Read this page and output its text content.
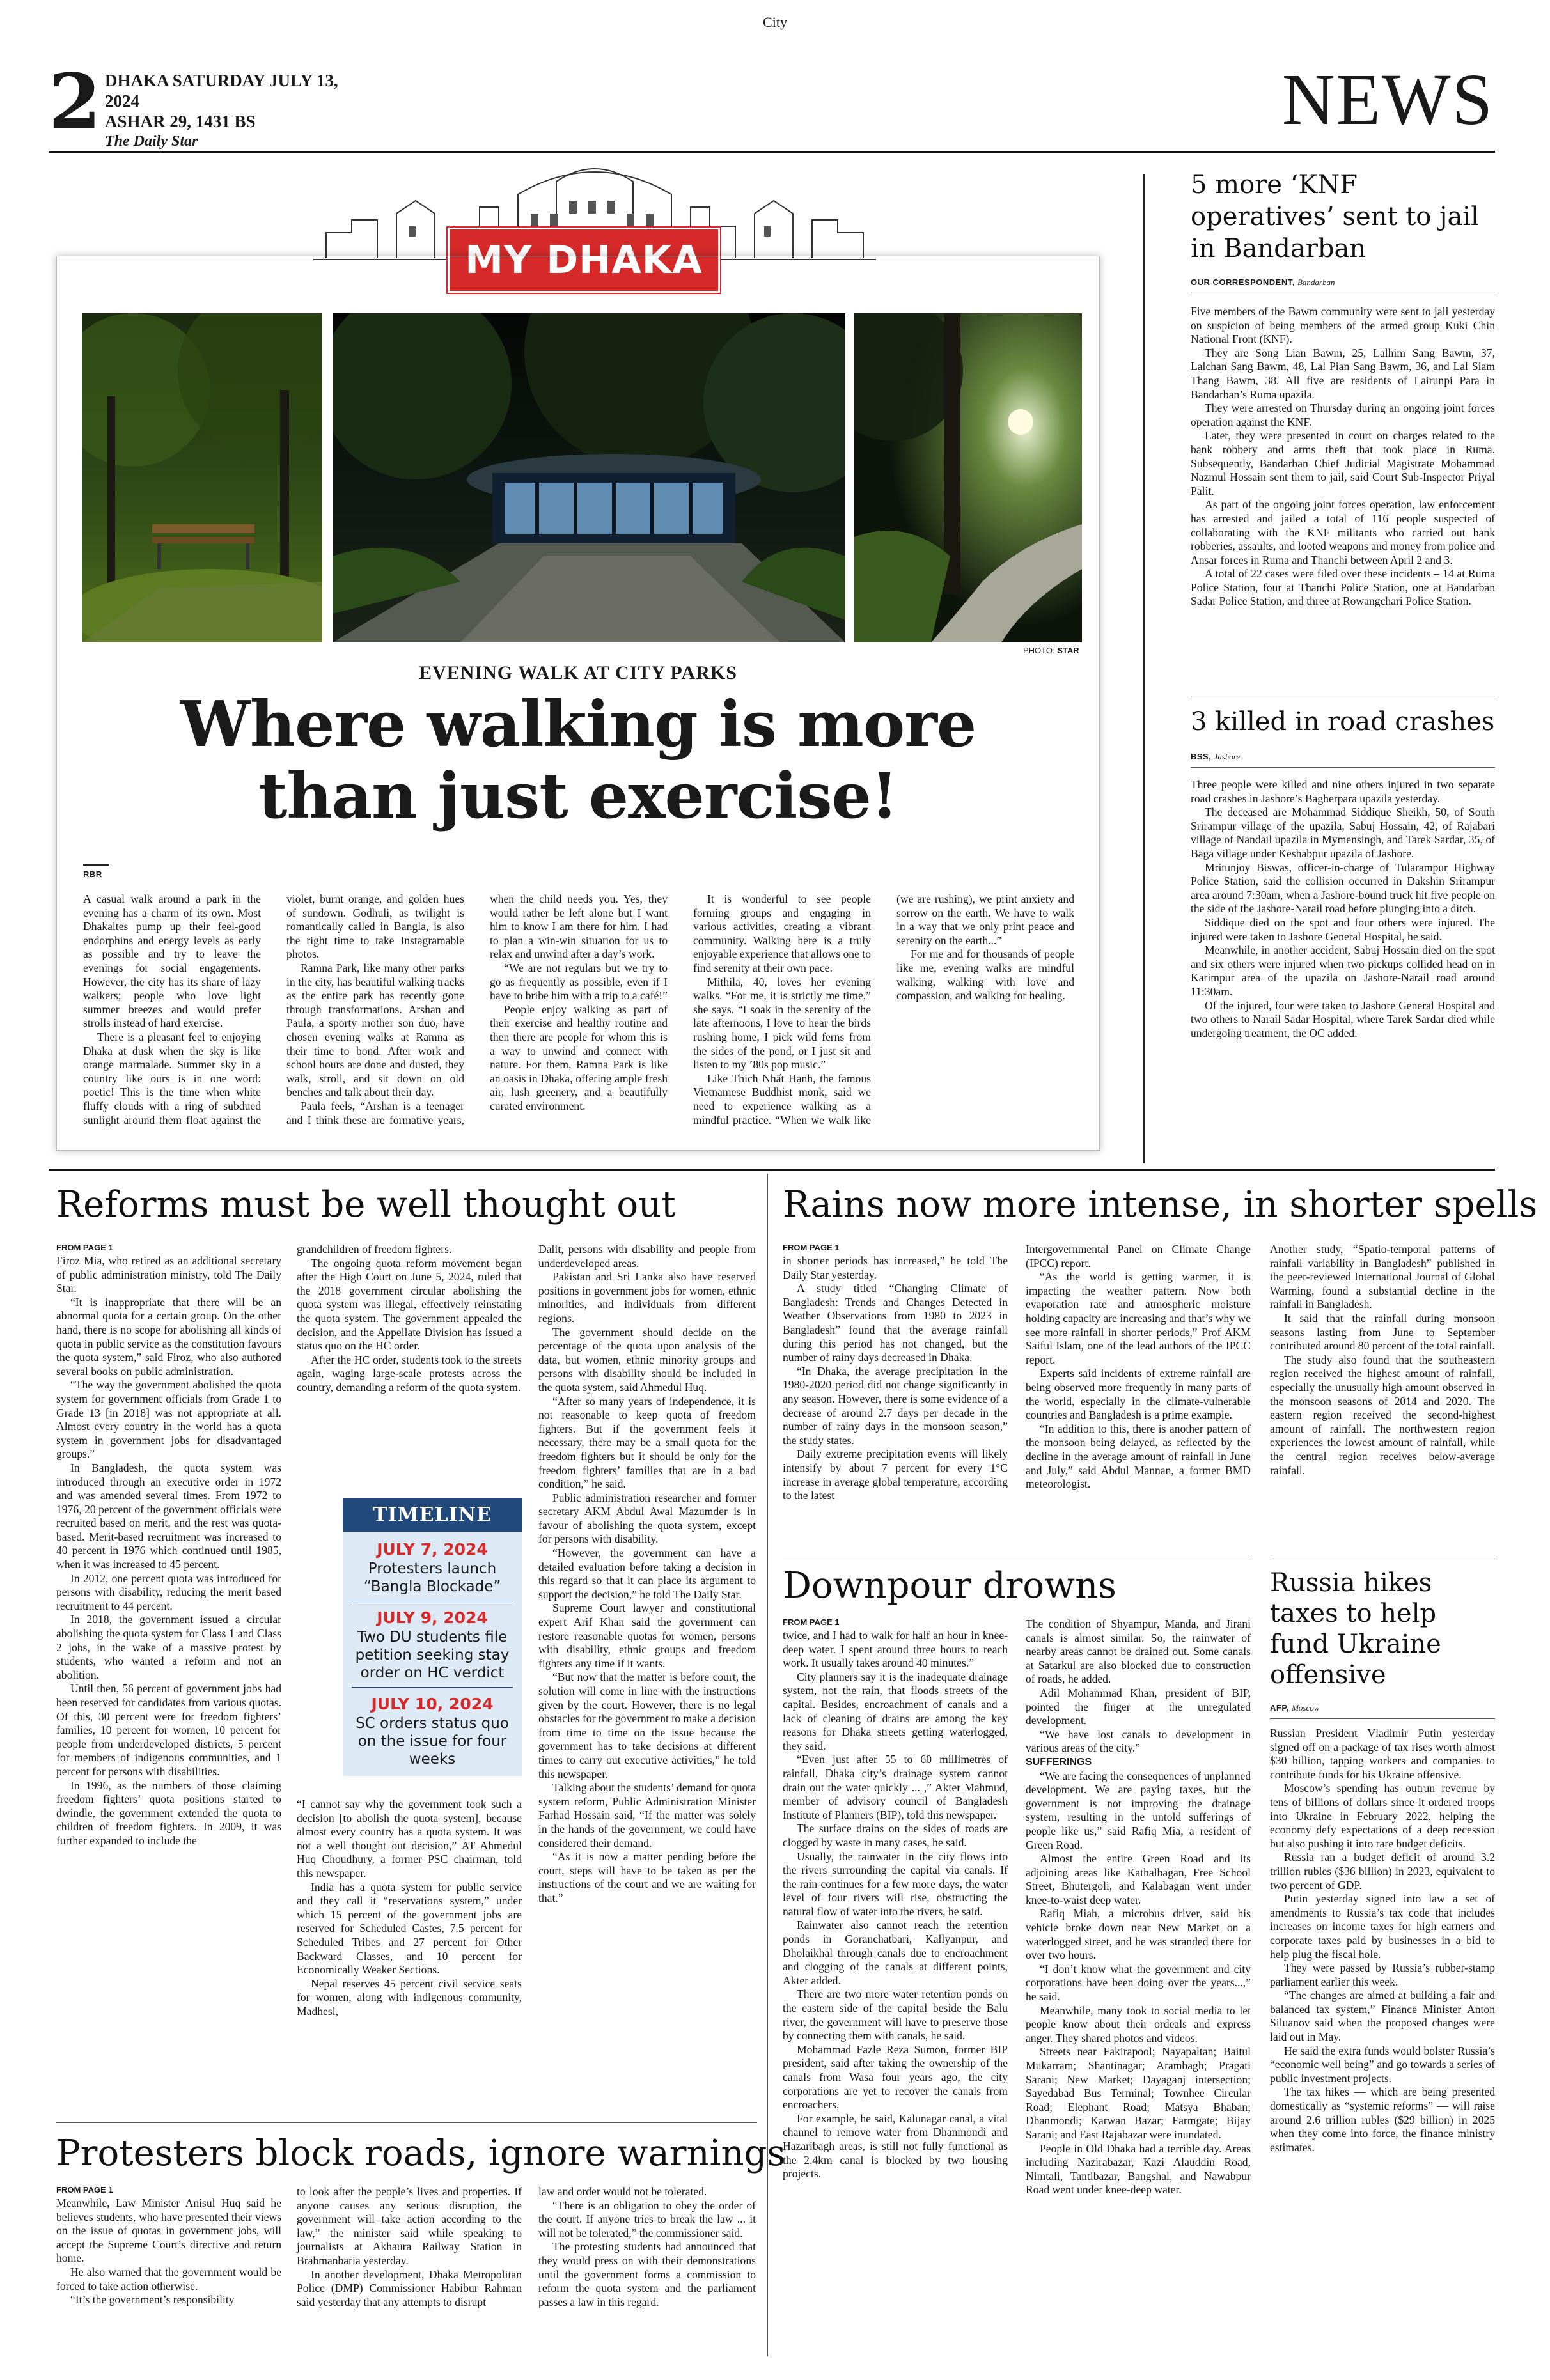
City
2 DHAKA SATURDAY JULY 13, 2024
ASHAR 29, 1431 BS
The Daily Star
NEWS
MY DHAKA
PHOTO: STAR
EVENING WALK AT CITY PARKS
Where walking is more
than just exercise!
RBR

A casual walk around a park in the evening has a charm of its own. Most Dhakaites pump up their feel-good endorphins and energy levels as early as possible and try to leave the evenings for social engagements. However, the city has its share of lazy walkers; people who love light summer breezes and would prefer strolls instead of hard exercise.

There is a pleasant feel to enjoying Dhaka at dusk when the sky is like orange marmalade. Summer sky in a country like ours is in one word: poetic! This is the time when white fluffy clouds with a ring of subdued sunlight around them float against the violet, burnt orange, and golden hues of sundown. Godhuli, as twilight is romantically called in Bangla, is also the right time to take Instagramable photos.

Ramna Park, like many other parks in the city, has beautiful walking tracks as the entire park has recently gone through transformations. Arshan and Paula, a sporty mother son duo, have chosen evening walks at Ramna as their time to bond. After work and school hours are done and dusted, they walk, stroll, and sit down on old benches and talk about their day.

Paula feels, “Arshan is a teenager and I think these are formative years, when the child needs you. Yes, they would rather be left alone but I want him to know I am there for him. I had to plan a win-win situation for us to relax and unwind after a day’s work.

“We are not regulars but we try to go as frequently as possible, even if I have to bribe him with a trip to a café!”

People enjoy walking as part of their exercise and healthy routine and then there are people for whom this is a way to unwind and connect with nature. For them, Ramna Park is like an oasis in Dhaka, offering ample fresh air, lush greenery, and a beautifully curated environment.

It is wonderful to see people forming groups and engaging in various activities, creating a vibrant community. Walking here is a truly enjoyable experience that allows one to find serenity at their own pace.

Mithila, 40, loves her evening walks. “For me, it is strictly me time,” she says. “I soak in the serenity of the late afternoons, I love to hear the birds rushing home, I pick wild ferns from the sides of the pond, or I just sit and listen to my ’80s pop music.”

Like Thich Nhất Hạnh, the famous Vietnamese Buddhist monk, said we need to experience walking as a mindful practice. “When we walk like (we are rushing), we print anxiety and sorrow on the earth. We have to walk in a way that we only print peace and serenity on the earth...”

For me and for thousands of people like me, evening walks are mindful walking, walking with love and compassion, and walking for healing.

5 more ‘KNF operatives’ sent to jail in Bandarban
OUR CORRESPONDENT, Bandarban

Five members of the Bawm community were sent to jail yesterday on suspicion of being members of the armed group Kuki Chin National Front (KNF).

They are Song Lian Bawm, 25, Lalhim Sang Bawm, 37, Lalchan Sang Bawm, 48, Lal Pian Sang Bawm, 36, and Lal Siam Thang Bawm, 38. All five are residents of Lairunpi Para in Bandarban’s Ruma upazila.

They were arrested on Thursday during an ongoing joint forces operation against the KNF.

Later, they were presented in court on charges related to the bank robbery and arms theft that took place in Ruma. Subsequently, Bandarban Chief Judicial Magistrate Mohammad Nazmul Hossain sent them to jail, said Court Sub-Inspector Priyal Palit.

As part of the ongoing joint forces operation, law enforcement has arrested and jailed a total of 116 people suspected of collaborating with the KNF militants who carried out bank robberies, assaults, and looted weapons and money from police and Ansar forces in Ruma and Thanchi between April 2 and 3.

A total of 22 cases were filed over these incidents – 14 at Ruma Police Station, four at Thanchi Police Station, one at Bandarban Sadar Police Station, and three at Rowangchari Police Station.

3 killed in road crashes
BSS, Jashore

Three people were killed and nine others injured in two separate road crashes in Jashore’s Bagherpara upazila yesterday.

The deceased are Mohammad Siddique Sheikh, 50, of South Srirampur village of the upazila, Sabuj Hossain, 42, of Rajabari village of Nandail upazila in Mymensingh, and Tarek Sardar, 35, of Baga village under Keshabpur upazila of Jashore.

Mritunjoy Biswas, officer-in-charge of Tularampur Highway Police Station, said the collision occurred in Dakshin Srirampur area around 7:30am, when a Jashore-bound truck hit five people on the side of the Jashore-Narail road before plunging into a ditch.

Siddique died on the spot and four others were injured. The injured were taken to Jashore General Hospital, he said.

Meanwhile, in another accident, Sabuj Hossain died on the spot and six others were injured when two pickups collided head on in Karimpur area of the upazila on Jashore-Narail road around 11:30am.

Of the injured, four were taken to Jashore General Hospital and two others to Narail Sadar Hospital, where Tarek Sardar died while undergoing treatment, the OC added.

Reforms must be well thought out
FROM PAGE 1

Firoz Mia, who retired as an additional secretary of public administration ministry, told The Daily Star.

“It is inappropriate that there will be an abnormal quota for a certain group. On the other hand, there is no scope for abolishing all kinds of quota in public service as the constitution favours the quota system,” said Firoz, who also authored several books on public administration.

“The way the government abolished the quota system for government officials from Grade 1 to Grade 13 [in 2018] was not appropriate at all. Almost every country in the world has a quota system in government jobs for disadvantaged groups.”

In Bangladesh, the quota system was introduced through an executive order in 1972 and was amended several times. From 1972 to 1976, 20 percent of the government officials were recruited based on merit, and the rest was quota-based. Merit-based recruitment was increased to 40 percent in 1976 which continued until 1985, when it was increased to 45 percent.

In 2012, one percent quota was introduced for persons with disability, reducing the merit based recruitment to 44 percent.

In 2018, the government issued a circular abolishing the quota system for Class 1 and Class 2 jobs, in the wake of a massive protest by students, who wanted a reform and not an abolition.

Until then, 56 percent of government jobs had been reserved for candidates from various quotas. Of this, 30 percent were for freedom fighters’ families, 10 percent for women, 10 percent for people from underdeveloped districts, 5 percent for members of indigenous communities, and 1 percent for persons with disabilities.

In 1996, as the numbers of those claiming freedom fighters’ quota positions started to dwindle, the government extended the quota to children of freedom fighters. In 2009, it was further expanded to include the

grandchildren of freedom fighters.

The ongoing quota reform movement began after the High Court on June 5, 2024, ruled that the 2018 government circular abolishing the quota system was illegal, effectively reinstating the quota system. The government appealed the decision, and the Appellate Division has issued a status quo on the HC order.

After the HC order, students took to the streets again, waging large-scale protests across the country, demanding a reform of the quota system.

TIMELINE
JULY 7, 2024
Protesters launch “Bangla Blockade”
JULY 9, 2024
Two DU students file petition seeking stay order on HC verdict
JULY 10, 2024
SC orders status quo on the issue for four weeks

“I cannot say why the government took such a decision [to abolish the quota system], because almost every country has a quota system. It was not a well thought out decision,” AT Ahmedul Huq Choudhury, a former PSC chairman, told this newspaper.

India has a quota system for public service and they call it “reservations system,” under which 15 percent of the government jobs are reserved for Scheduled Castes, 7.5 percent for Scheduled Tribes and 27 percent for Other Backward Classes, and 10 percent for Economically Weaker Sections.

Nepal reserves 45 percent civil service seats for women, along with indigenous community, Madhesi,

Dalit, persons with disability and people from underdeveloped areas.

Pakistan and Sri Lanka also have reserved positions in government jobs for women, ethnic minorities, and individuals from different regions.

The government should decide on the percentage of the quota upon analysis of the data, but women, ethnic minority groups and persons with disability should be included in the quota system, said Ahmedul Huq.

“After so many years of independence, it is not reasonable to keep quota of freedom fighters. But if the government feels it necessary, there may be a small quota for the freedom fighters but it should be only for the freedom fighters’ families that are in a bad condition,” he said.

Public administration researcher and former secretary AKM Abdul Awal Mazumder is in favour of abolishing the quota system, except for persons with disability.

“However, the government can have a detailed evaluation before taking a decision in this regard so that it can place its argument to support the decision,” he told The Daily Star.

Supreme Court lawyer and constitutional expert Arif Khan said the government can restore reasonable quotas for women, persons with disability, ethnic groups and freedom fighters any time if it wants.

“But now that the matter is before court, the solution will come in line with the instructions given by the court. However, there is no legal obstacles for the government to make a decision from time to time on the issue because the government has to take decisions at different times to carry out executive activities,” he told this newspaper.

Talking about the students’ demand for quota system reform, Public Administration Minister Farhad Hossain said, “If the matter was solely in the hands of the government, we could have considered their demand.

“As it is now a matter pending before the court, steps will have to be taken as per the instructions of the court and we are waiting for that.”

Protesters block roads, ignore warnings
FROM PAGE 1

Meanwhile, Law Minister Anisul Huq said he believes students, who have presented their views on the issue of quotas in government jobs, will accept the Supreme Court’s directive and return home.

He also warned that the government would be forced to take action otherwise.

“It’s the government’s responsibility

to look after the people’s lives and properties. If anyone causes any serious disruption, the government will take action according to the law,” the minister said while speaking to journalists at Akhaura Railway Station in Brahmanbaria yesterday.

In another development, Dhaka Metropolitan Police (DMP) Commissioner Habibur Rahman said yesterday that any attempts to disrupt

law and order would not be tolerated.

“There is an obligation to obey the order of the court. If anyone tries to break the law ... it will not be tolerated,” the commissioner said.

The protesting students had announced that they would press on with their demonstrations until the government forms a commission to reform the quota system and the parliament passes a law in this regard.

Rains now more intense, in shorter spells
FROM PAGE 1

in shorter periods has increased,” he told The Daily Star yesterday.

A study titled “Changing Climate of Bangladesh: Trends and Changes Detected in Weather Observations from 1980 to 2023 in Bangladesh” found that the average rainfall during this period has not changed, but the number of rainy days decreased in Dhaka.

“In Dhaka, the average precipitation in the 1980-2020 period did not change significantly in any season. However, there is some evidence of a decrease of around 2.7 days per decade in the number of rainy days in the monsoon season,” the study states.

Daily extreme precipitation events will likely intensify by about 7 percent for every 1°C increase in average global temperature, according to the latest

Intergovernmental Panel on Climate Change (IPCC) report.

“As the world is getting warmer, it is impacting the weather pattern. Now both evaporation rate and atmospheric moisture holding capacity are increasing and that’s why we see more rainfall in shorter periods,” Prof AKM Saiful Islam, one of the lead authors of the IPCC report.

Experts said incidents of extreme rainfall are being observed more frequently in many parts of the world, especially in the climate-vulnerable countries and Bangladesh is a prime example.

“In addition to this, there is another pattern of the monsoon being delayed, as reflected by the decline in the average amount of rainfall in June and July,” said Abdul Mannan, a former BMD meteorologist.

Another study, “Spatio-temporal patterns of rainfall variability in Bangladesh” published in the peer-reviewed International Journal of Global Warming, found a substantial decline in the rainfall in Bangladesh.

It said that the rainfall during monsoon seasons lasting from June to September contributed around 80 percent of the total rainfall.

The study also found that the southeastern region received the highest amount of rainfall, especially the unusually high amount observed in the monsoon seasons of 2014 and 2020. The eastern region received the second-highest amount of rainfall. The northwestern region experiences the lowest amount of rainfall, while the central region receives below-average rainfall.

Downpour drowns
FROM PAGE 1

twice, and I had to walk for half an hour in knee-deep water. I spent around three hours to reach work. It usually takes around 40 minutes.”

City planners say it is the inadequate drainage system, not the rain, that floods streets of the capital. Besides, encroachment of canals and a lack of cleaning of drains are among the key reasons for Dhaka streets getting waterlogged, they said.

“Even just after 55 to 60 millimetres of rainfall, Dhaka city’s drainage system cannot drain out the water quickly ... ,” Akter Mahmud, member of advisory council of Bangladesh Institute of Planners (BIP), told this newspaper.

The surface drains on the sides of roads are clogged by waste in many cases, he said.

Usually, the rainwater in the city flows into the rivers surrounding the capital via canals. If the rain continues for a few more days, the water level of four rivers will rise, obstructing the natural flow of water into the rivers, he said.

Rainwater also cannot reach the retention ponds in Goranchatbari, Kallyanpur, and Dholaikhal through canals due to encroachment and clogging of the canals at different points, Akter added.

There are two more water retention ponds on the eastern side of the capital beside the Balu river, the government will have to preserve those by connecting them with canals, he said.

Mohammad Fazle Reza Sumon, former BIP president, said after taking the ownership of the canals from Wasa four years ago, the city corporations are yet to recover the canals from encroachers.

For example, he said, Kalunagar canal, a vital channel to remove water from Dhanmondi and Hazaribagh areas, is still not fully functional as the 2.4km canal is blocked by two housing projects.

The condition of Shyampur, Manda, and Jirani canals is almost similar. So, the rainwater of nearby areas cannot be drained out. Some canals at Satarkul are also blocked due to construction of roads, he added.

Adil Mohammad Khan, president of BIP, pointed the finger at the unregulated development.

“We have lost canals to development in various areas of the city.”

SUFFERINGS

“We are facing the consequences of unplanned development. We are paying taxes, but the government is not improving the drainage system, resulting in the untold sufferings of people like us,” said Rafiq Mia, a resident of Green Road.

Almost the entire Green Road and its adjoining areas like Kathalbagan, Free School Street, Bhutergoli, and Kalabagan went under knee-to-waist deep water.

Rafiq Miah, a microbus driver, said his vehicle broke down near New Market on a waterlogged street, and he was stranded there for over two hours.

“I don’t know what the government and city corporations have been doing over the years...,” he said.

Meanwhile, many took to social media to let people know about their ordeals and express anger. They shared photos and videos.

Streets near Fakirapool; Nayapaltan; Baitul Mukarram; Shantinagar; Arambagh; Pragati Sarani; New Market; Dayaganj intersection; Sayedabad Bus Terminal; Townhee Circular Road; Elephant Road; Matsya Bhaban; Dhanmondi; Karwan Bazar; Farmgate; Bijay Sarani; and East Rajabazar were inundated.

People in Old Dhaka had a terrible day. Areas including Nazirabazar, Kazi Alauddin Road, Nimtali, Tantibazar, Bangshal, and Nawabpur Road went under knee-deep water.

Russia hikes taxes to help fund Ukraine offensive
AFP, Moscow

Russian President Vladimir Putin yesterday signed off on a package of tax rises worth almost $30 billion, tapping workers and companies to contribute funds for his Ukraine offensive.

Moscow’s spending has outrun revenue by tens of billions of dollars since it ordered troops into Ukraine in February 2022, helping the economy defy expectations of a deep recession but also pushing it into rare budget deficits.

Russia ran a budget deficit of around 3.2 trillion rubles ($36 billion) in 2023, equivalent to two percent of GDP.

Putin yesterday signed into law a set of amendments to Russia’s tax code that includes increases on income taxes for high earners and corporate taxes paid by businesses in a bid to help plug the fiscal hole.

They were passed by Russia’s rubber-stamp parliament earlier this week.

“The changes are aimed at building a fair and balanced tax system,” Finance Minister Anton Siluanov said when the proposed changes were laid out in May.

He said the extra funds would bolster Russia’s “economic well being” and go towards a series of public investment projects.

The tax hikes — which are being presented domestically as “systemic reforms” — will raise around 2.6 trillion rubles ($29 billion) in 2025 when they come into force, the finance ministry estimates.
